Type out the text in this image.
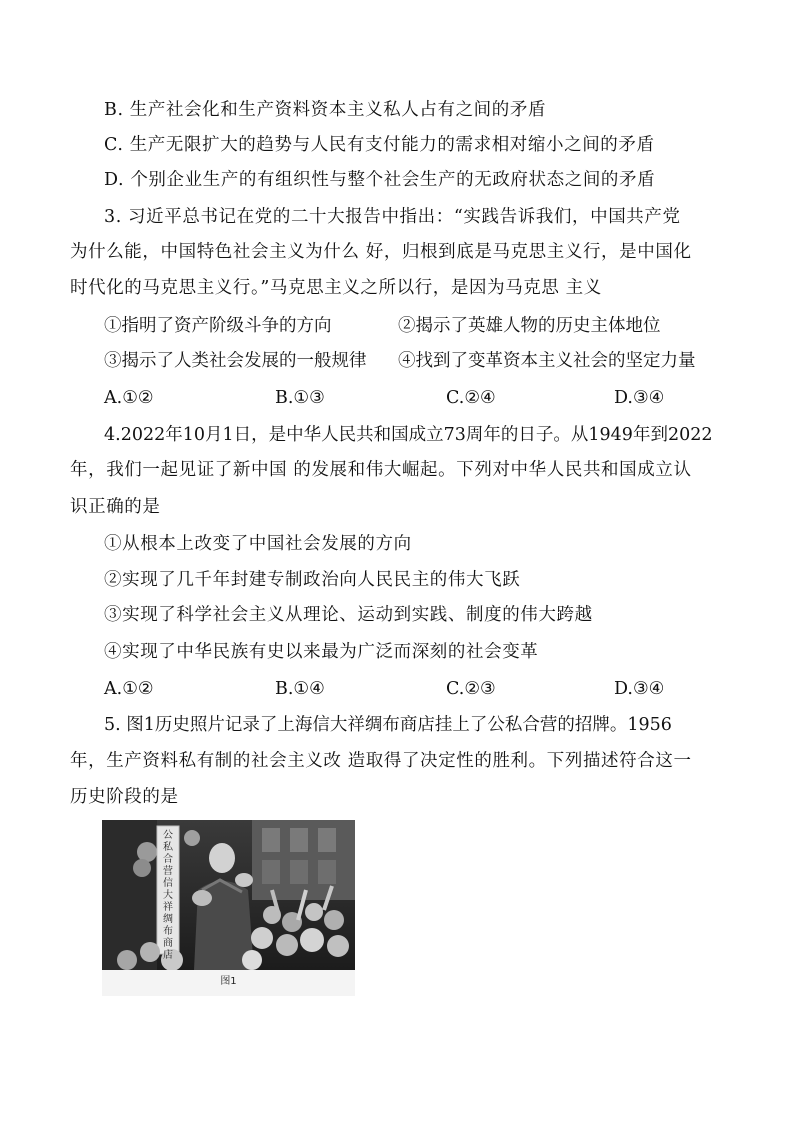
B. 生产社会化和生产资料资本主义私人占有之间的矛盾
C. 生产无限扩大的趋势与人民有支付能力的需求相对缩小之间的矛盾
D. 个别企业生产的有组织性与整个社会生产的无政府状态之间的矛盾
3. 习近平总书记在党的二十大报告中指出：“实践告诉我们，中国共产党
为什么能，中国特色社会主义为什么 好，归根到底是马克思主义行，是中国化
时代化的马克思主义行。”马克思主义之所以行，是因为马克思 主义
①指明了资产阶级斗争的方向	②揭示了英雄人物的历史主体地位
③揭示了人类社会发展的一般规律 ④找到了变革资本主义社会的坚定力量
A.①②	B.①③	C.②④	D.③④
4.2022年10月1日，是中华人民共和国成立73周年的日子。从1949年到2022
年，我们一起见证了新中国 的发展和伟大崛起。下列对中华人民共和国成立认
识正确的是
①从根本上改变了中国社会发展的方向
②实现了几千年封建专制政治向人民民主的伟大飞跃
③实现了科学社会主义从理论、运动到实践、制度的伟大跨越
④实现了中华民族有史以来最为广泛而深刻的社会变革
A.①②	B.①④	C.②③	D.③④
5. 图1历史照片记录了上海信大祥绸布商店挂上了公私合营的招牌。1956
年，生产资料私有制的社会主义改 造取得了决定性的胜利。下列描述符合这一
历史阶段的是
公私合营信大祥绸布商店
图1
